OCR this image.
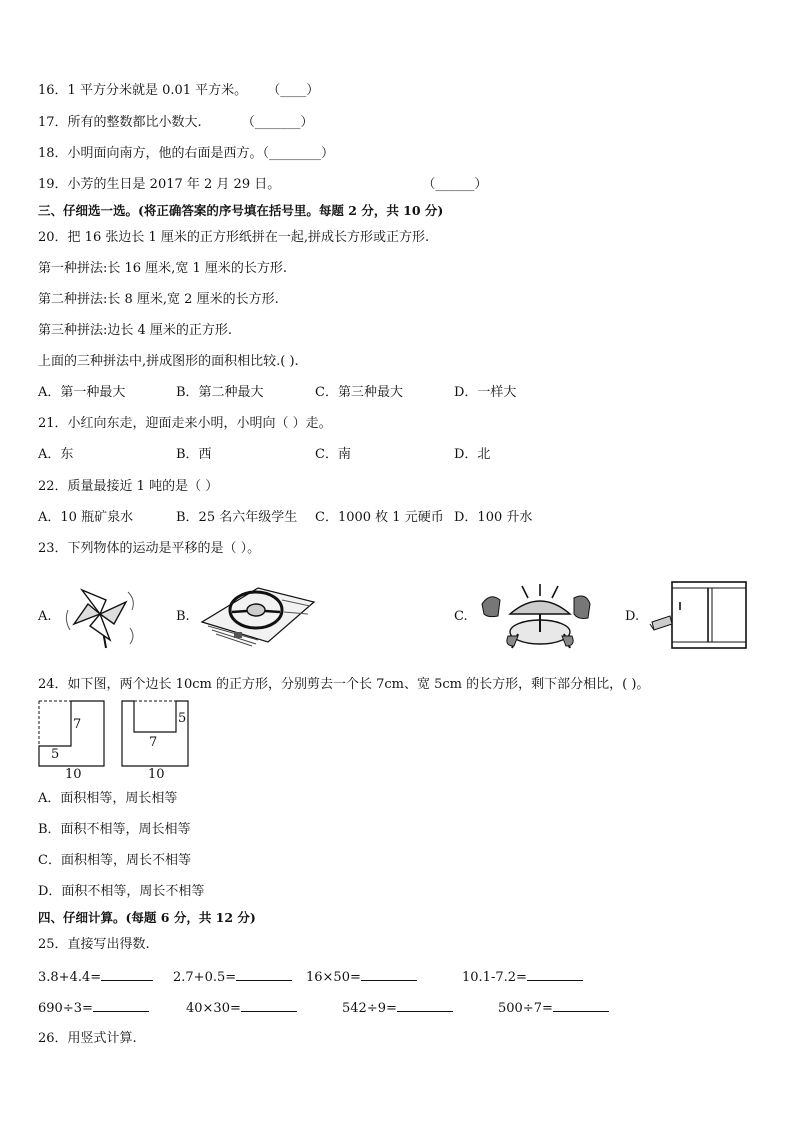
16．1 平方分米就是 0.01 平方米。 （____）
17．所有的整数都比小数大.	（_______）
18．小明面向南方，他的右面是西方。（________）
19．小芳的生日是 2017 年 2 月 29 日。	（______）
三、仔细选一选。(将正确答案的序号填在括号里。每题 2 分，共 10 分)
20．把 16 张边长 1 厘米的正方形纸拼在一起,拼成长方形或正方形.
第一种拼法:长 16 厘米,宽 1 厘米的长方形.
第二种拼法:长 8 厘米,宽 2 厘米的长方形.
第三种拼法:边长 4 厘米的正方形.
上面的三种拼法中,拼成图形的面积相比较.( ).
A．第一种最大	B．第二种最大	C．第三种最大	D．一样大
21．小红向东走，迎面走来小明，小明向（ ）走。
A．东	B．西	C．南	D．北
22．质量最接近 1 吨的是（ ）
A．10 瓶矿泉水	B．25 名六年级学生 C．1000 枚 1 元硬币 D．100 升水
23．下列物体的运动是平移的是（ ）。
A.	B.	C.	D.
24．如下图，两个边长 10cm 的正方形，分别剪去一个长 7cm、宽 5cm 的长方形，剩下部分相比，( )。
7
5
10
5
7
10
A．面积相等，周长相等
B．面积不相等，周长相等
C．面积相等，周长不相等
D．面积不相等，周长不相等
四、仔细计算。(每题 6 分，共 12 分)
25．直接写出得数.
3.8+4.4=	2.7+0.5=	16×50=	10.1-7.2=
690÷3=	40×30=	542÷9=	500÷7=
26．用竖式计算.
